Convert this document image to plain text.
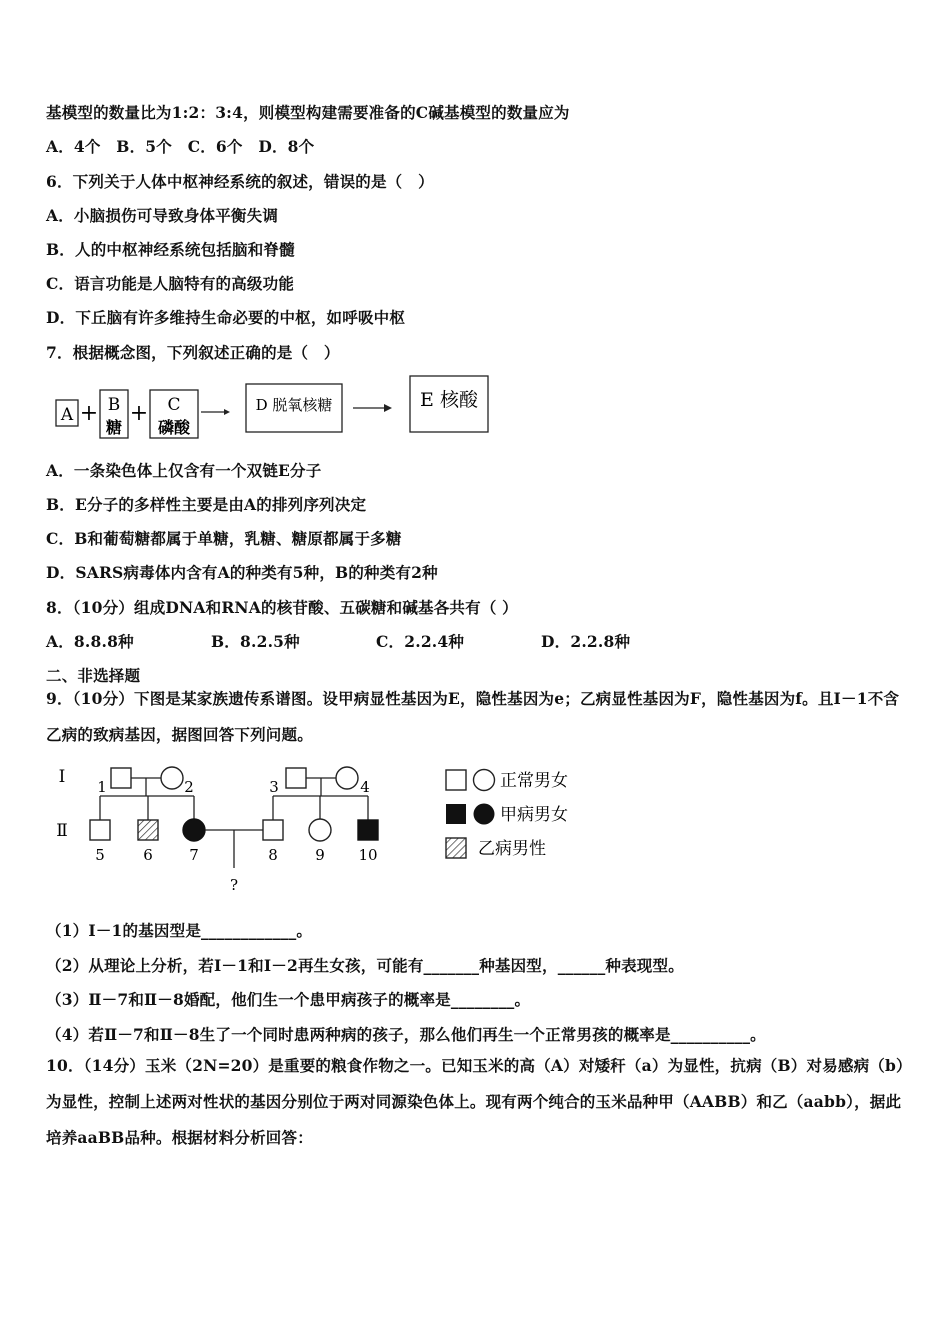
基模型的数量比为1:2：3:4，则模型构建需要准备的C碱基模型的数量应为
A．4个　B．5个　C．6个　D．8个
6．下列关于人体中枢神经系统的叙述，错误的是（　）
A．小脑损伤可导致身体平衡失调
B．人的中枢神经系统包括脑和脊髓
C．语言功能是人脑特有的高级功能
D．下丘脑有许多维持生命必要的中枢，如呼吸中枢
7．根据概念图，下列叙述正确的是（　）
A + B
糖
+ C
磷酸
D 脱氧核糖	E 核酸
A．一条染色体上仅含有一个双链E分子
B．E分子的多样性主要是由A的排列序列决定
C．B和葡萄糖都属于单糖，乳糖、糖原都属于多糖
D．SARS病毒体内含有A的种类有5种，B的种类有2种
8．（10分）组成DNA和RNA的核苷酸、五碳糖和碱基各共有（ ）
A．8.8.8种	B．8.2.5种	C．2.2.4种	D．2.2.8种
二、非选择题
9．（10分）下图是某家族遗传系谱图。设甲病显性基因为E，隐性基因为e；乙病显性基因为F，隐性基因为f。且Ⅰ－1不含乙病的致病基因，据图回答下列问题。
Ⅰ
Ⅱ
1	2	3	4
5	6 7	8 9 10
?
正常男女
甲病男女
乙病男性
（1）Ⅰ－1的基因型是____________。
（2）从理论上分析，若Ⅰ－1和Ⅰ－2再生女孩，可能有_______种基因型，______种表现型。
（3）Ⅱ－7和Ⅱ－8婚配，他们生一个患甲病孩子的概率是________。
（4）若Ⅱ－7和Ⅱ－8生了一个同时患两种病的孩子，那么他们再生一个正常男孩的概率是__________。
10．（14分）玉米（2N=20）是重要的粮食作物之一。已知玉米的高（A）对矮秆（a）为显性，抗病（B）对易感病（b）为显性，控制上述两对性状的基因分别位于两对同源染色体上。现有两个纯合的玉米品种甲（AABB）和乙（aabb），据此培养aaBB品种。根据材料分析回答：
